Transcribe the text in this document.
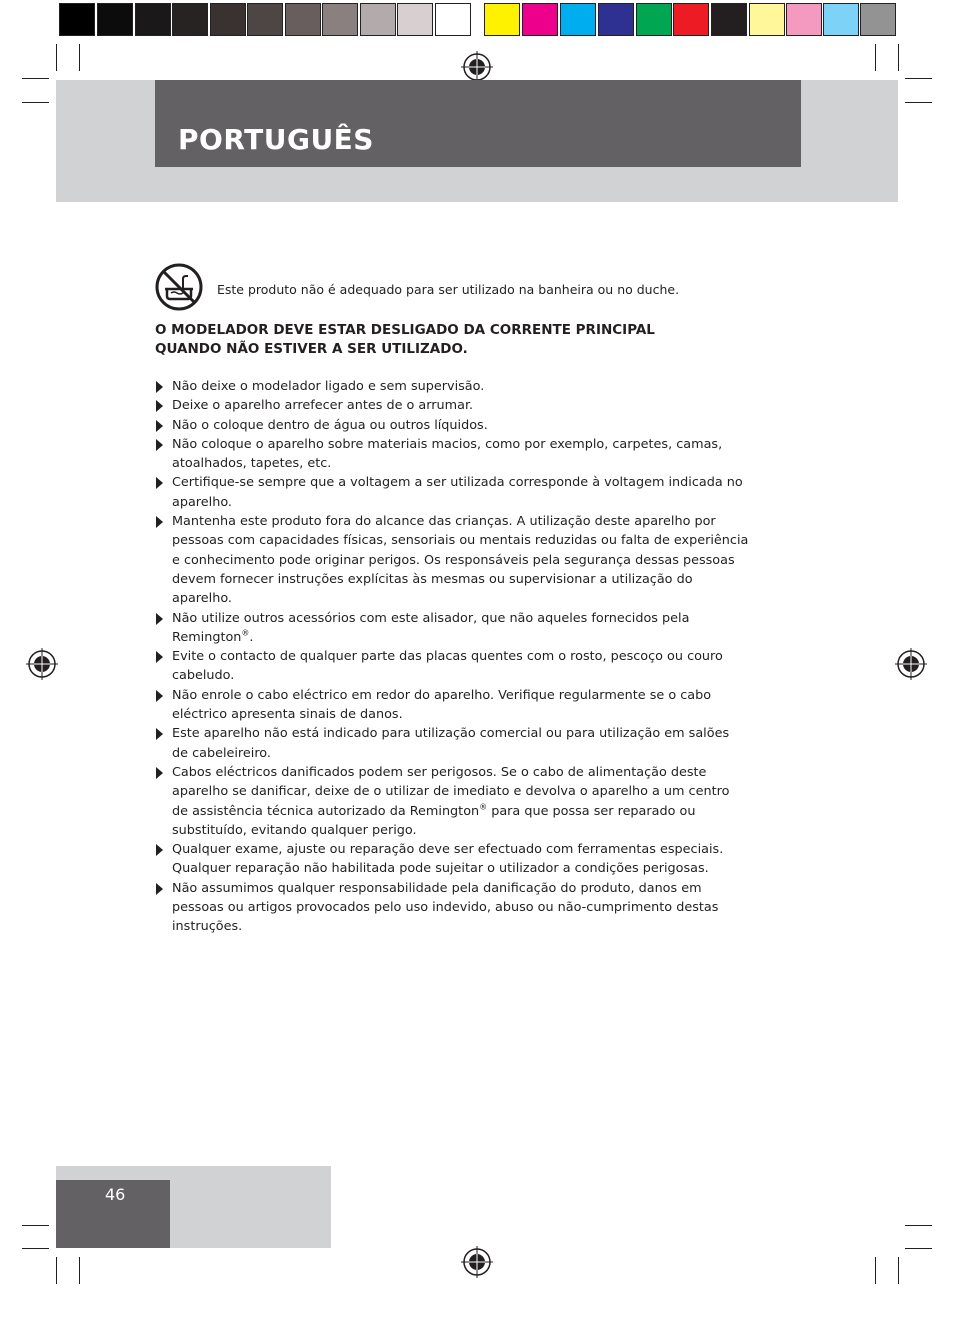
PORTUGUÊS
Este produto não é adequado para ser utilizado na banheira ou no duche.
O MODELADOR DEVE ESTAR DESLIGADO DA CORRENTE PRINCIPAL
QUANDO NÃO ESTIVER A SER UTILIZADO.
Não deixe o modelador ligado e sem supervisão.
Deixe o aparelho arrefecer antes de o arrumar.
Não o coloque dentro de água ou outros líquidos.
Não coloque o aparelho sobre materiais macios, como por exemplo, carpetes, camas,
atoalhados, tapetes, etc.
Certifique-se sempre que a voltagem a ser utilizada corresponde à voltagem indicada no
aparelho.
Mantenha este produto fora do alcance das crianças. A utilização deste aparelho por
pessoas com capacidades físicas, sensoriais ou mentais reduzidas ou falta de experiência
e conhecimento pode originar perigos. Os responsáveis pela segurança dessas pessoas
devem fornecer instruções explícitas às mesmas ou supervisionar a utilização do
aparelho.
Não utilize outros acessórios com este alisador, que não aqueles fornecidos pela
Remington®.
Evite o contacto de qualquer parte das placas quentes com o rosto, pescoço ou couro
cabeludo.
Não enrole o cabo eléctrico em redor do aparelho. Verifique regularmente se o cabo
eléctrico apresenta sinais de danos.
Este aparelho não está indicado para utilização comercial ou para utilização em salões
de cabeleireiro.
Cabos eléctricos danificados podem ser perigosos. Se o cabo de alimentação deste
aparelho se danificar, deixe de o utilizar de imediato e devolva o aparelho a um centro
de assistência técnica autorizado da Remington® para que possa ser reparado ou
substituído, evitando qualquer perigo.
Qualquer exame, ajuste ou reparação deve ser efectuado com ferramentas especiais.
Qualquer reparação não habilitada pode sujeitar o utilizador a condições perigosas.
Não assumimos qualquer responsabilidade pela danificação do produto, danos em
pessoas ou artigos provocados pelo uso indevido, abuso ou não-cumprimento destas
instruções.
46
